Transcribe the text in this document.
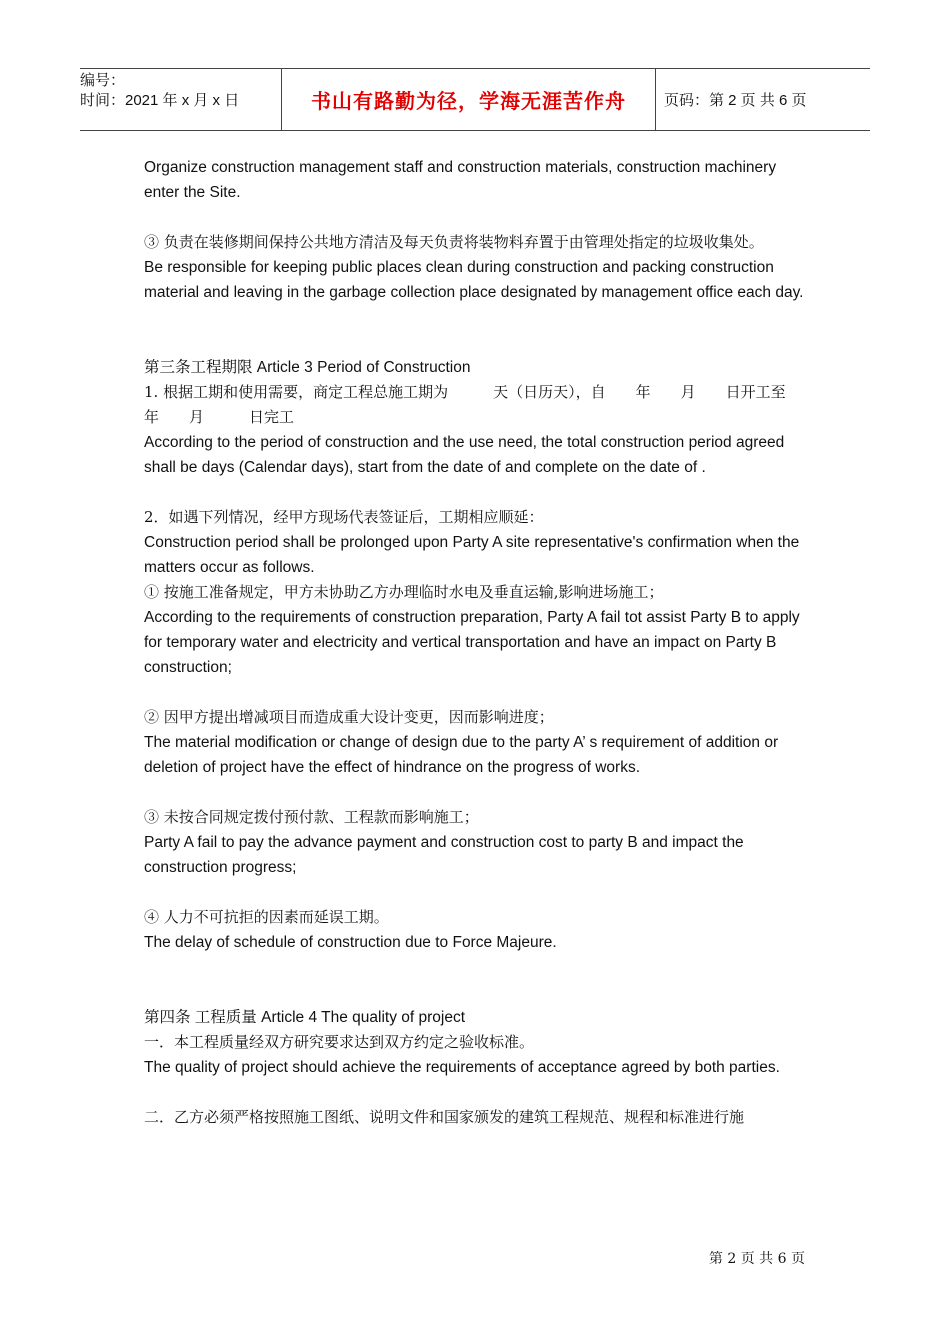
编号：
时间：2021 年 x 月 x 日	书山有路勤为径，学海无涯苦作舟	页码：第 2 页 共 6 页

Organize construction management staff and construction materials, construction machinery enter the Site.

③ 负责在装修期间保持公共地方清洁及每天负责将装物料弃置于由管理处指定的垃圾收集处。

Be responsible for keeping public places clean during construction and packing construction material and leaving in the garbage collection place designated by management office each day.

第三条工程期限 Article 3 Period of Construction

1. 根据工期和使用需要，商定工程总施工期为　　　天（日历天），自　　年　　月　　日开工至　　年　　月　　　日完工

According to the period of construction and the use need, the total construction period agreed shall be days (Calendar days), start from the date of and complete on the date of .

2．如遇下列情况，经甲方现场代表签证后，工期相应顺延：

Construction period shall be prolonged upon Party A site representative's confirmation when the matters occur as follows.

① 按施工准备规定，甲方未协助乙方办理临时水电及垂直运输,影响进场施工；

According to the requirements of construction preparation, Party A fail tot assist Party B to apply for temporary water and electricity and vertical transportation and have an impact on Party B construction;

② 因甲方提出增减项目而造成重大设计变更，因而影响进度；

The material modification or change of design due to the party A’ s requirement of addition or deletion of project have the effect of hindrance on the progress of works.

③ 未按合同规定拨付预付款、工程款而影响施工；

Party A fail to pay the advance payment and construction cost to party B and impact the construction progress;

④ 人力不可抗拒的因素而延误工期。

The delay of schedule of construction due to Force Majeure.

第四条 工程质量 Article 4 The quality of project

一．本工程质量经双方研究要求达到双方约定之验收标准。

The quality of project should achieve the requirements of acceptance agreed by both parties.

二．乙方必须严格按照施工图纸、说明文件和国家颁发的建筑工程规范、规程和标准进行施

第 2 页 共 6 页
